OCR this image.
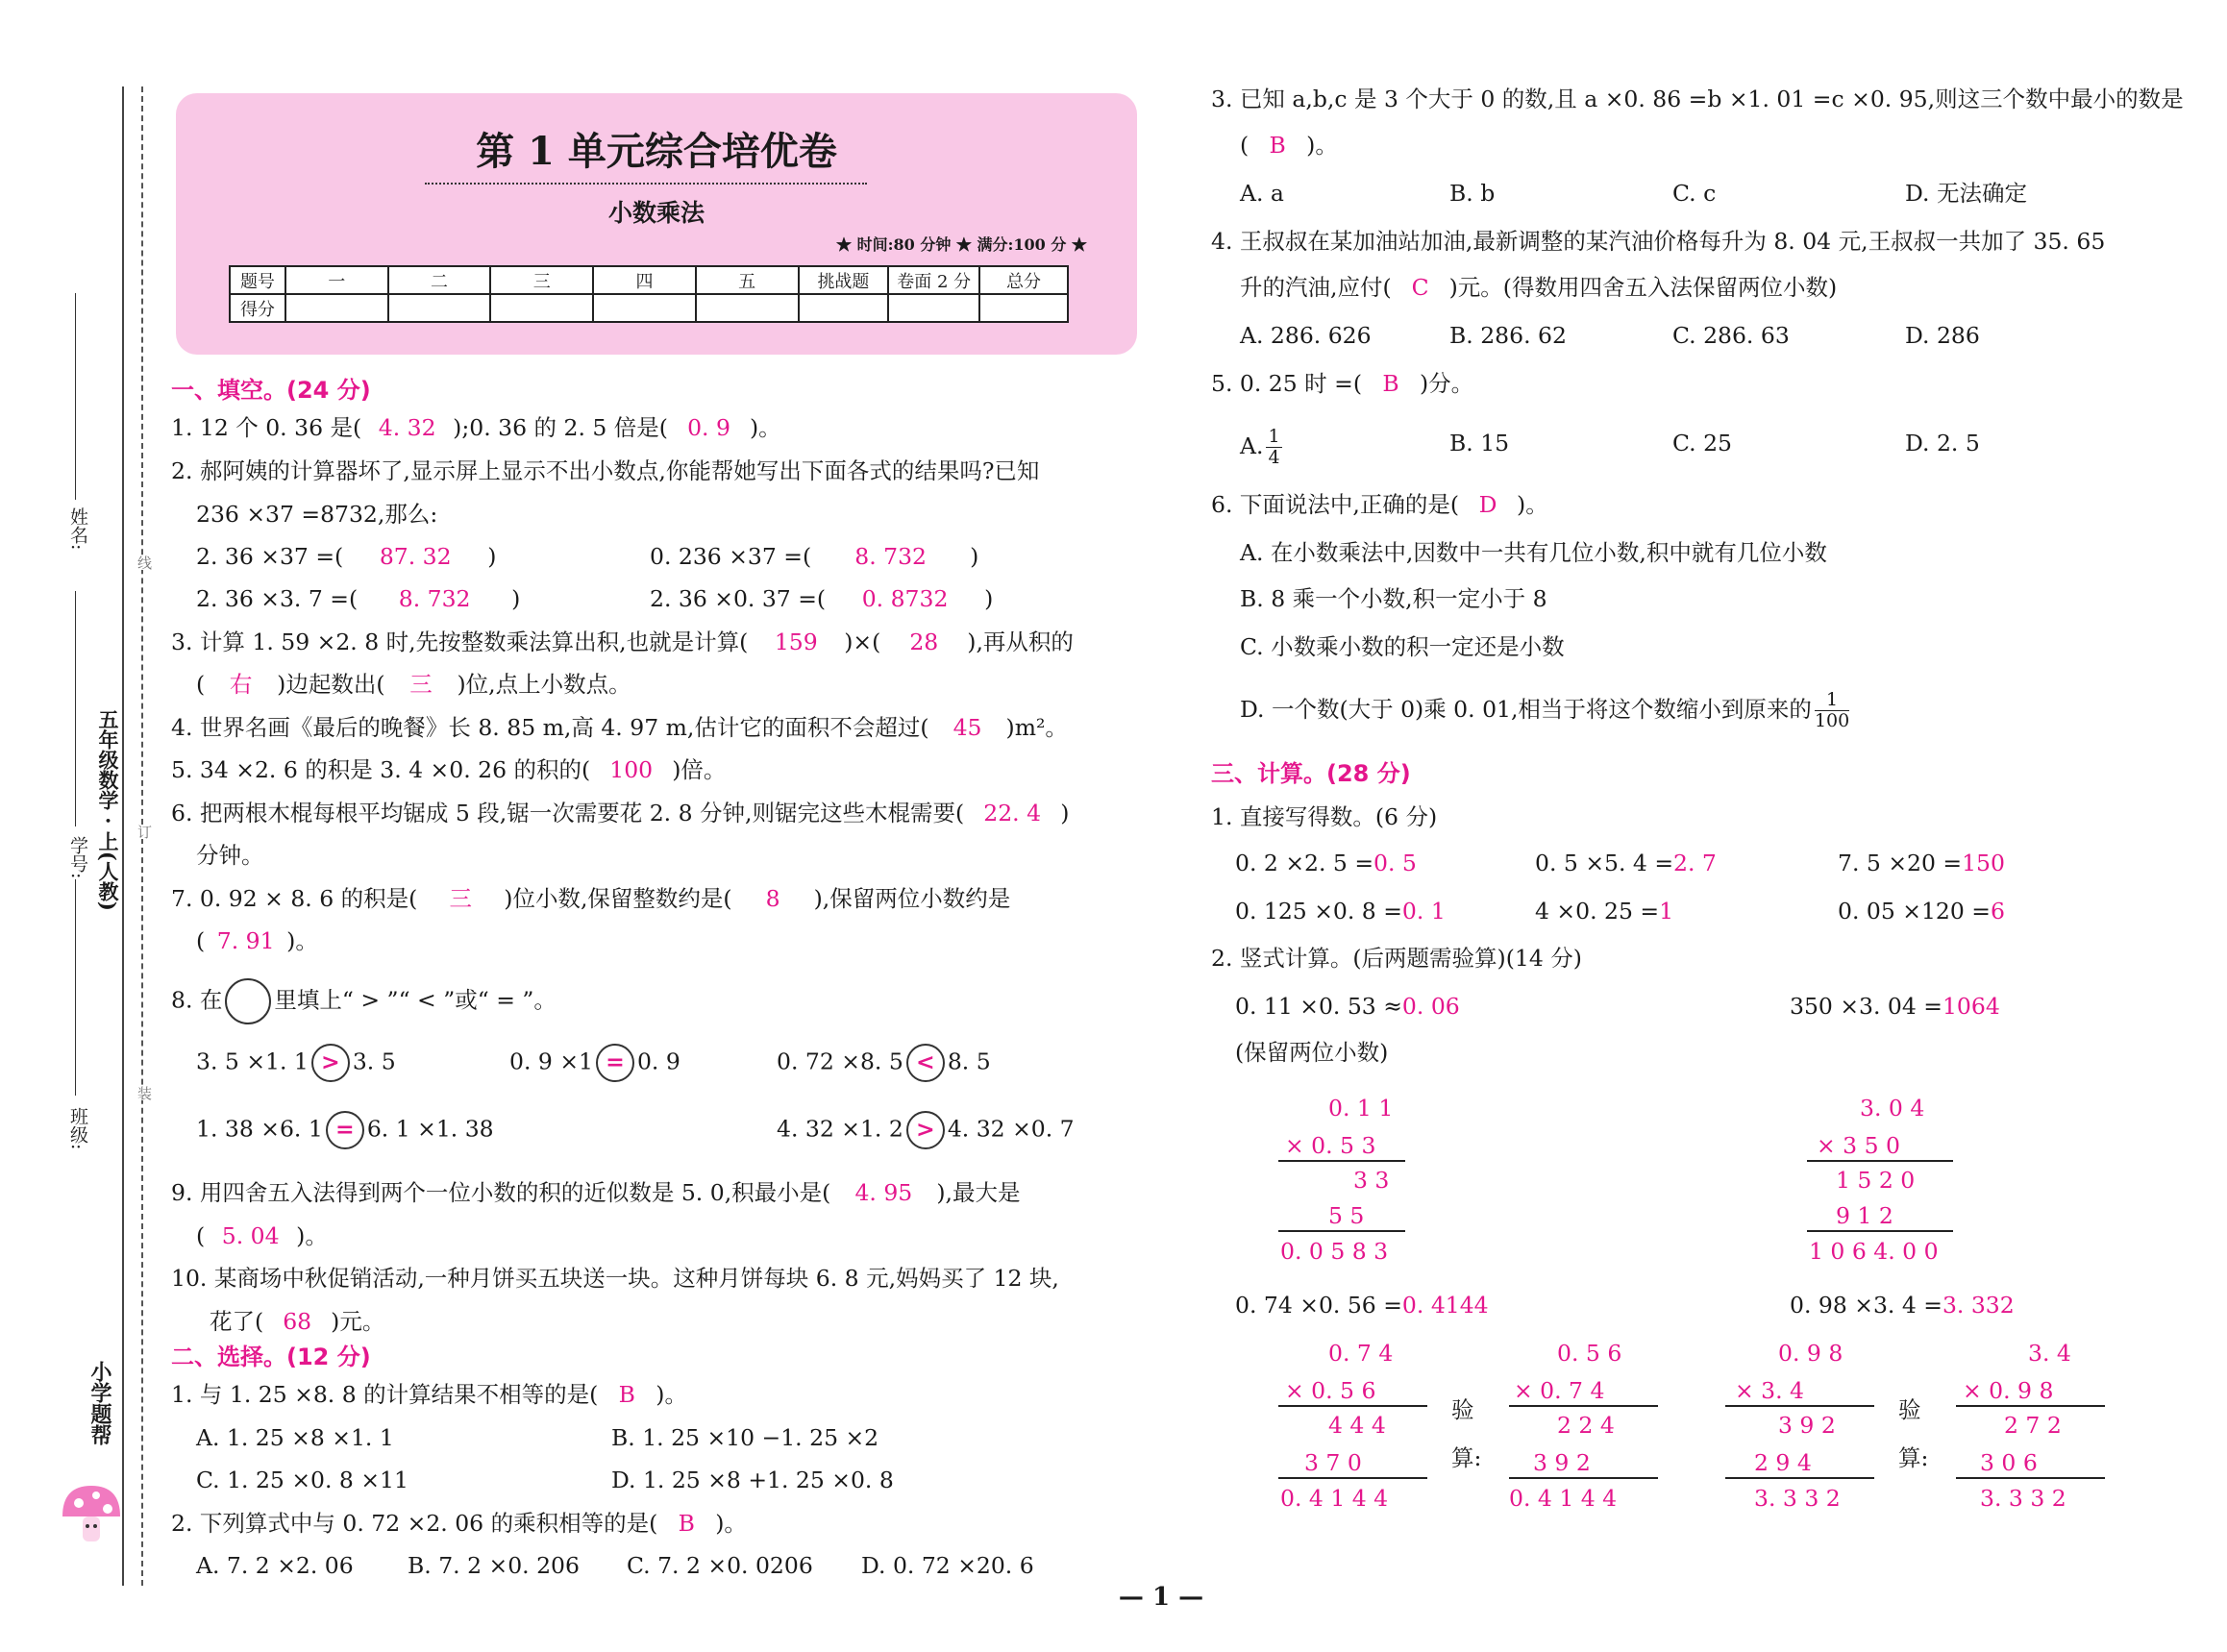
姓名:
学号: 五年级数学 · 上(人教)
班级:
线
订
装
小学题帮
第 1 单元综合培优卷
小数乘法
★ 时间:80 分钟 ★ 满分:100 分 ★
题号	一	二	三	四	五	挑战题	卷面 2 分	总分
得分								
一、填空。(24 分)
1. 12 个 0. 36 是( 4. 32 );0. 36 的 2. 5 倍是( 0. 9 )。
2. 郝阿姨的计算器坏了,显示屏上显示不出小数点,你能帮她写出下面各式的结果吗?已知
236 ×37 =8732,那么:
2. 36 ×37 =( 87. 32 )	0. 236 ×37 =( 8. 732 )
2. 36 ×3. 7 =( 8. 732 )	2. 36 ×0. 37 =( 0. 8732 )
3. 计算 1. 59 ×2. 8 时,先按整数乘法算出积,也就是计算( 159 )×( 28 ),再从积的
( 右 )边起数出( 三 )位,点上小数点。
4. 世界名画《最后的晚餐》长 8. 85 m,高 4. 97 m,估计它的面积不会超过( 45 )m²。
5. 34 ×2. 6 的积是 3. 4 ×0. 26 的积的( 100 )倍。
6. 把两根木棍每根平均锯成 5 段,锯一次需要花 2. 8 分钟,则锯完这些木棍需要( 22. 4 )
分钟。
7. 0. 92 × 8. 6 的积是( 三 )位小数,保留整数约是( 8 ),保留两位小数约是
( 7. 91 )。
8. 在 里填上“ > ”“ < ”或“ = ”。
3. 5 ×1. 1 > 3. 5	0. 9 ×1 = 0. 9	0. 72 ×8. 5 < 8. 5
1. 38 ×6. 1 = 6. 1 ×1. 38	4. 32 ×1. 2 > 4. 32 ×0. 7
9. 用四舍五入法得到两个一位小数的积的近似数是 5. 0,积最小是( 4. 95 ),最大是
( 5. 04 )。
10. 某商场中秋促销活动,一种月饼买五块送一块。这种月饼每块 6. 8 元,妈妈买了 12 块,
花了( 68 )元。
二、选择。(12 分)
1. 与 1. 25 ×8. 8 的计算结果不相等的是( B )。
A. 1. 25 ×8 ×1. 1	B. 1. 25 ×10 −1. 25 ×2
C. 1. 25 ×0. 8 ×11	D. 1. 25 ×8 +1. 25 ×0. 8
2. 下列算式中与 0. 72 ×2. 06 的乘积相等的是( B )。
A. 7. 2 ×2. 06 B. 7. 2 ×0. 206 C. 7. 2 ×0. 0206 D. 0. 72 ×20. 6
3. 已知 a,b,c 是 3 个大于 0 的数,且 a ×0. 86 =b ×1. 01 =c ×0. 95,则这三个数中最小的数是
( B )。
A. a	B. b	C. c	D. 无法确定
4. 王叔叔在某加油站加油,最新调整的某汽油价格每升为 8. 04 元,王叔叔一共加了 35. 65
升的汽油,应付( C )元。(得数用四舍五入法保留两位小数)
A. 286. 626	B. 286. 62	C. 286. 63	D. 286
5. 0. 25 时 =( B )分。
A. $\frac{1}{4}$	B. 15	C. 25	D. 2. 5
6. 下面说法中,正确的是( D )。
A. 在小数乘法中,因数中一共有几位小数,积中就有几位小数
B. 8 乘一个小数,积一定小于 8
C. 小数乘小数的积一定还是小数
D. 一个数(大于 0)乘 0. 01,相当于将这个数缩小到原来的 $\frac{1}{100}$
三、计算。(28 分)
1. 直接写得数。(6 分)
0. 2 ×2. 5 =0. 5	0. 5 ×5. 4 =2. 7	7. 5 ×20 =150
0. 125 ×0. 8 =0. 1	4 ×0. 25 =1	0. 05 ×120 =6
2. 竖式计算。(后两题需验算)(14 分)
0. 11 ×0. 53 ≈0. 06	350 ×3. 04 =1064
(保留两位小数)
0. 1 1
× 0. 5 3
3 3
5 5
0. 0 5 8 3
3. 0 4
× 3 5 0
1 5 2 0
9 1 2
1 0 6 4. 0 0
0. 74 ×0. 56 =0. 4144	0. 98 ×3. 4 =3. 332
0. 7 4
× 0. 5 6
4 4 4
3 7 0
0. 4 1 4 4
验
算:
0. 5 6
× 0. 7 4
2 2 4
3 9 2
0. 4 1 4 4
0. 9 8
× 3. 4
3 9 2
2 9 4
3. 3 3 2
验
算:
3. 4
× 0. 9 8
2 7 2
3 0 6
3. 3 3 2
— 1 —
